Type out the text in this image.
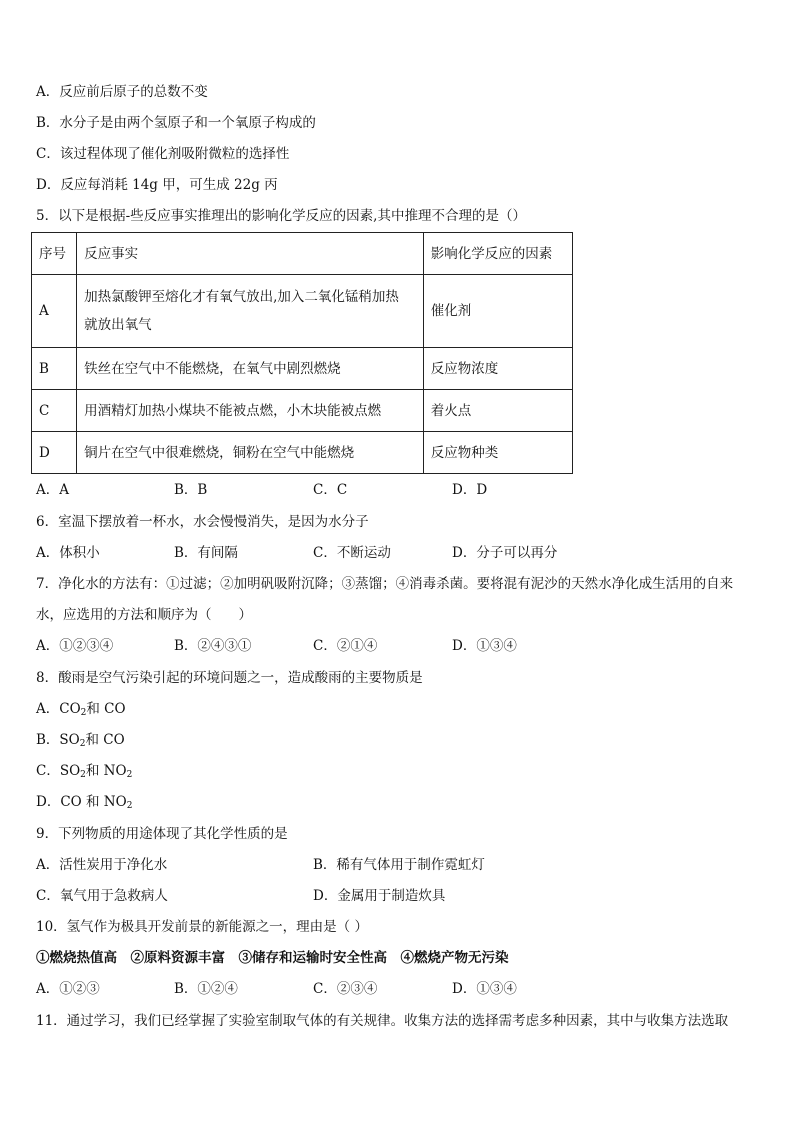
A．反应前后原子的总数不变
B．水分子是由两个氢原子和一个氧原子构成的
C．该过程体现了催化剂吸附微粒的选择性
D．反应每消耗 14g 甲，可生成 22g 丙
5．以下是根据-些反应事实推理出的影响化学反应的因素,其中推理不合理的是（）
序号	反应事实	影响化学反应的因素
A	加热氯酸钾至熔化才有氧气放出,加入二氧化锰稍加热
就放出氧气	催化剂
B	铁丝在空气中不能燃烧，在氧气中剧烈燃烧	反应物浓度
C	用酒精灯加热小煤块不能被点燃，小木块能被点燃	着火点
D	铜片在空气中很难燃烧，铜粉在空气中能燃烧	反应物种类
A．A	B．B	C．C	D．D
6．室温下摆放着一杯水，水会慢慢消失，是因为水分子
A．体积小	B．有间隔	C．不断运动	D．分子可以再分
7．净化水的方法有：①过滤；②加明矾吸附沉降；③蒸馏；④消毒杀菌。要将混有泥沙的天然水净化成生活用的自来
水，应选用的方法和顺序为（　　）
A．①②③④	B．②④③①	C．②①④	D．①③④
8．酸雨是空气污染引起的环境问题之一，造成酸雨的主要物质是
A．$CO_2$和 CO
B．$SO_2$和 CO
C．$SO_2$和 $NO_2$
D．CO 和 $NO_2$
9．下列物质的用途体现了其化学性质的是
A．活性炭用于净化水	B．稀有气体用于制作霓虹灯
C．氧气用于急救病人	D．金属用于制造炊具
10．氢气作为极具开发前景的新能源之一，理由是（ ）
①燃烧热值高　②原料资源丰富　③储存和运输时安全性高　④燃烧产物无污染
A．①②③	B．①②④	C．②③④	D．①③④
11．通过学习，我们已经掌握了实验室制取气体的有关规律。收集方法的选择需考虑多种因素，其中与收集方法选取
